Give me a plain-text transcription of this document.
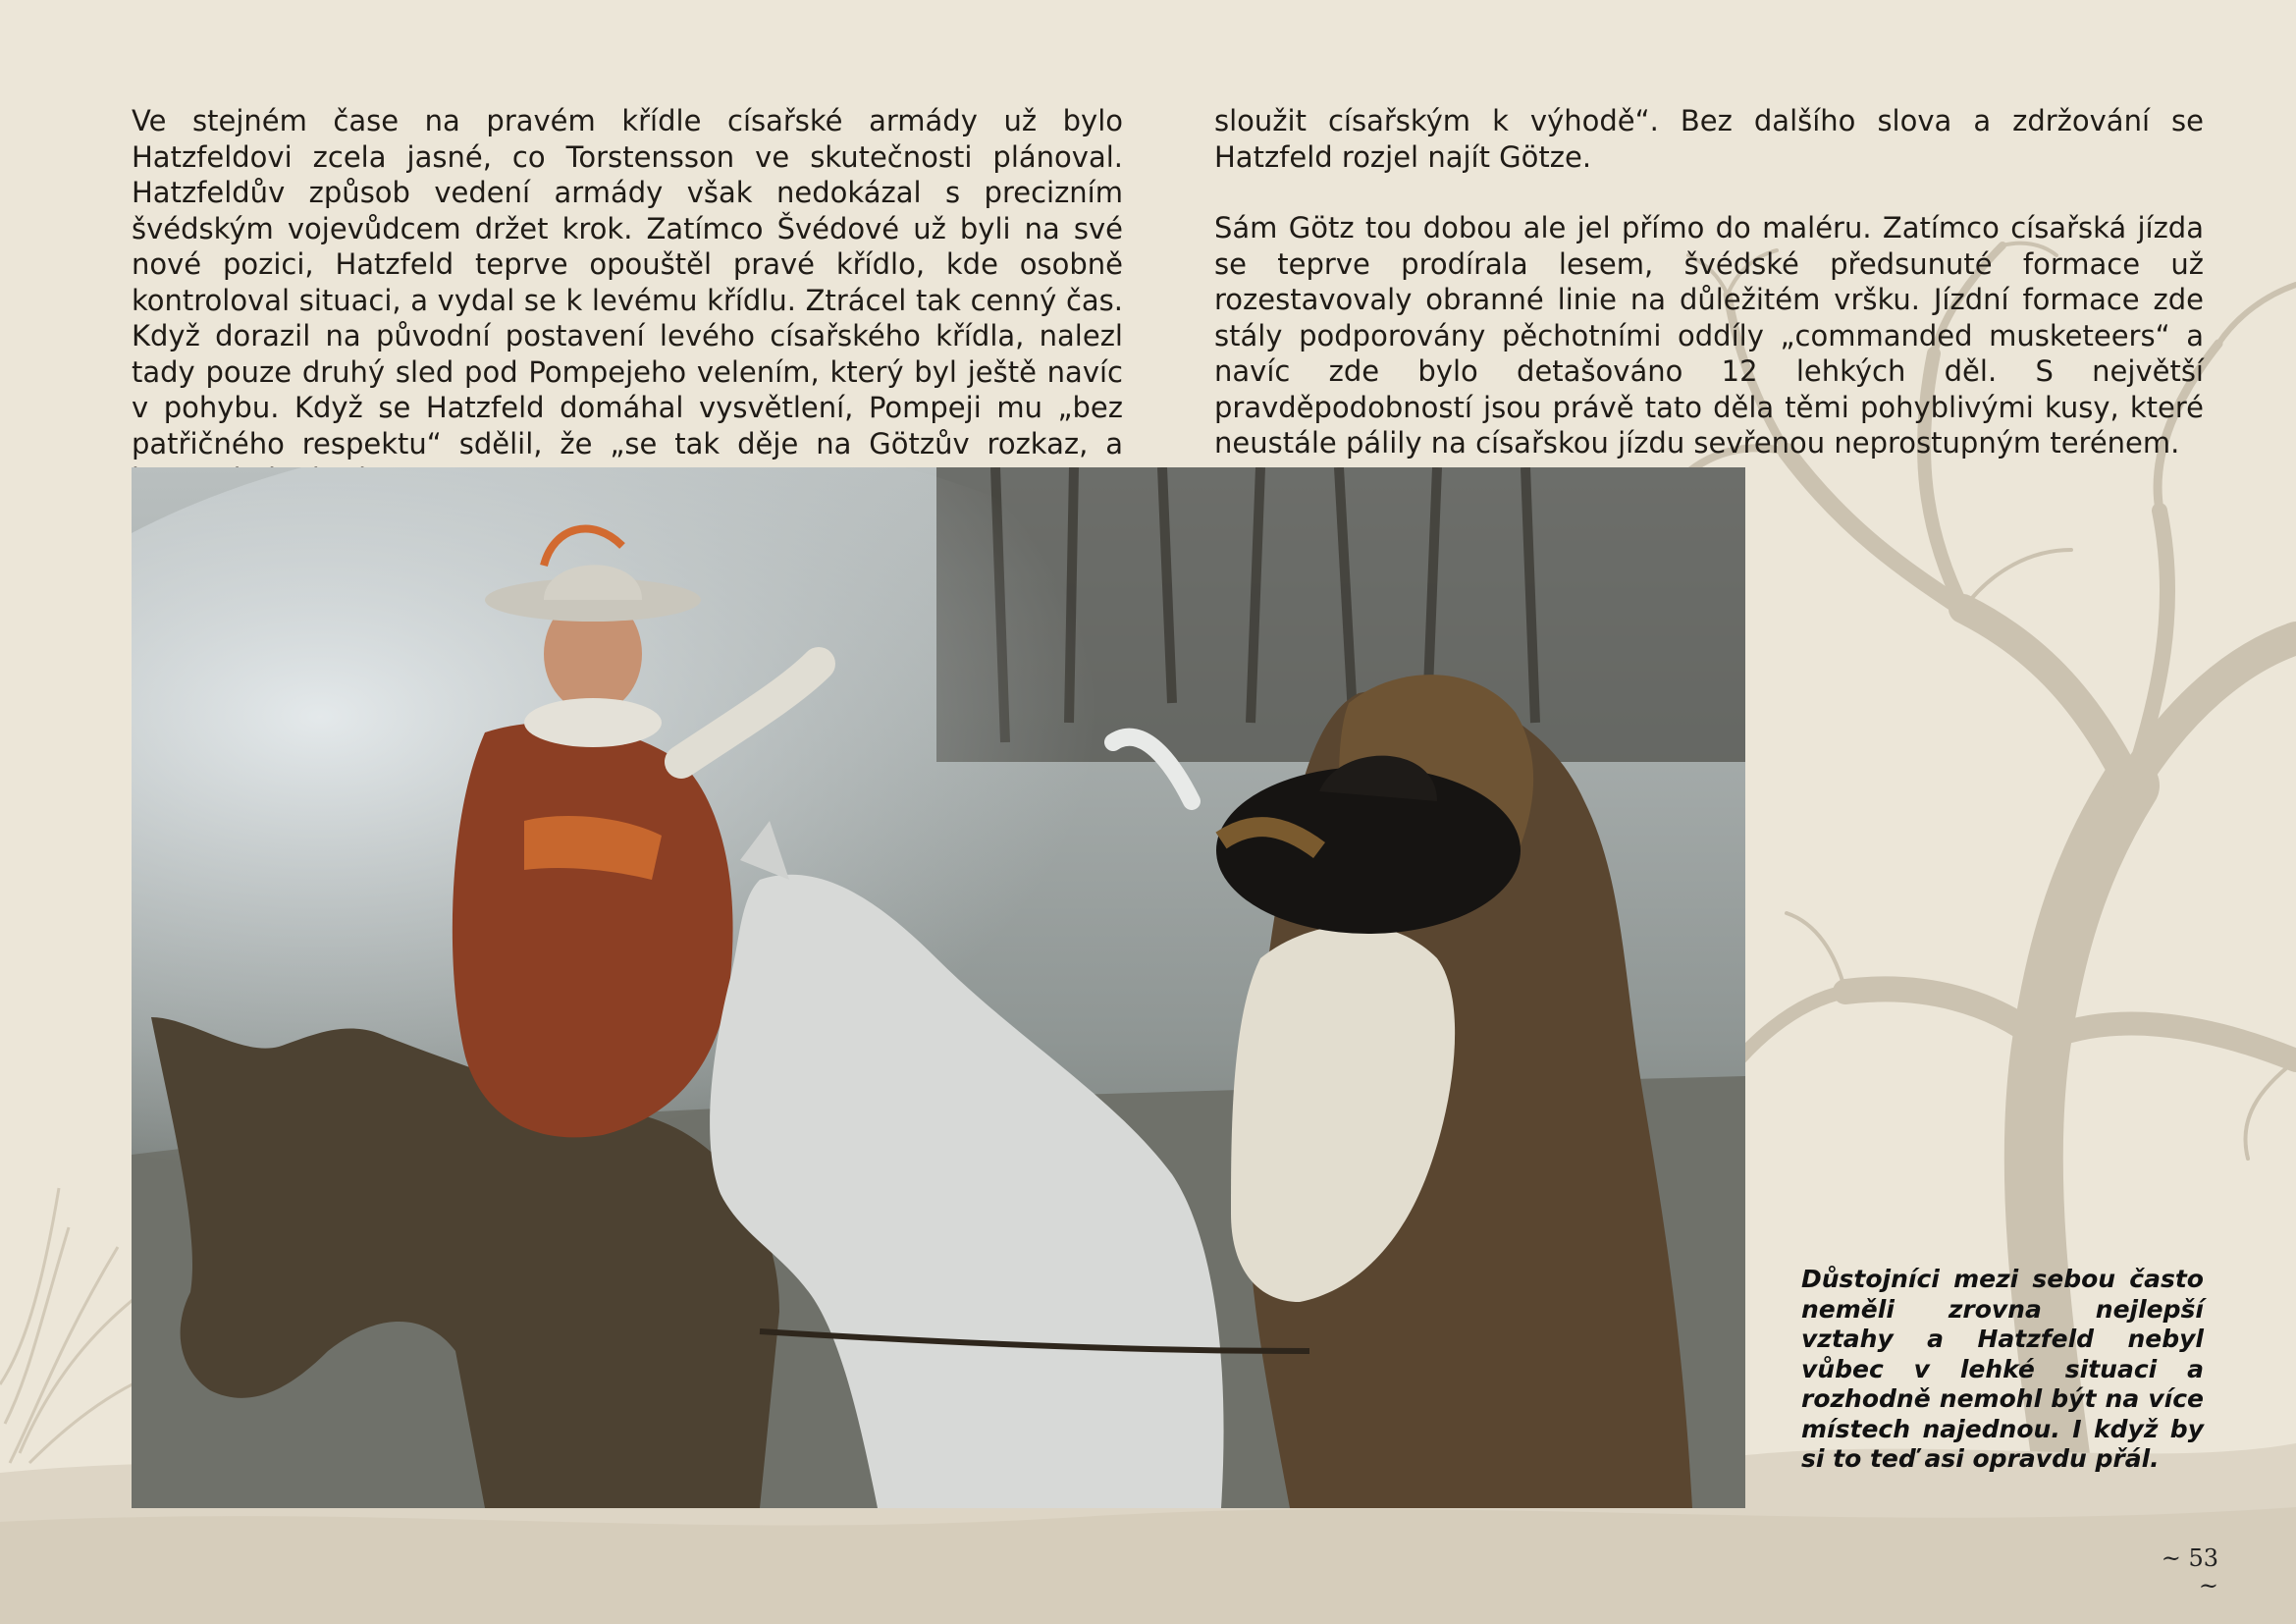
Ve stejném čase na pravém křídle císařské armády už bylo Hatzfeldovi zcela jasné, co Torstensson ve skutečnosti plánoval. Hatzfeldův způsob vedení armády však nedokázal s precizním švédským vojevůdcem držet krok. Zatímco Švédové už byli na své nové pozici, Hatzfeld teprve opouštěl pravé křídlo, kde osobně kontroloval situaci, a vydal se k levému křídlu. Ztrácel tak cenný čas. Když dorazil na původní postavení levého císařského křídla, nalezl tady pouze druhý sled pod Pompejeho velením, který byl ještě navíc v pohybu. Když se Hatzfeld domáhal vysvětlení, Pompeji mu „bez patřičného respektu“ sdělil, že „se tak děje na Götzův rozkaz, a

sloužit císařským k výhodě“. Bez dalšího slova a zdržování se Hatzfeld rozjel najít Götze.

Sám Götz tou dobou ale jel přímo do maléru. Zatímco císařská jízda se teprve prodírala lesem, švédské předsunuté formace už rozestavovaly obranné linie na důležitém vršku. Jízdní formace zde stály podporovány pěchotními oddíly „commanded musketeers“ a navíc zde bylo detašováno 12 lehkých děl. S největší pravděpodobností jsou právě tato děla těmi pohyblivými kusy, které neustále pálily na císařskou jízdu sevřenou neprostupným terénem.

Důstojníci mezi sebou často neměli zrovna nejlepší vztahy a Hatzfeld nebyl vůbec v lehké situaci a rozhodně nemohl být na více místech najednou. I když by si to teď asi opravdu přál.
~ 53 ~
